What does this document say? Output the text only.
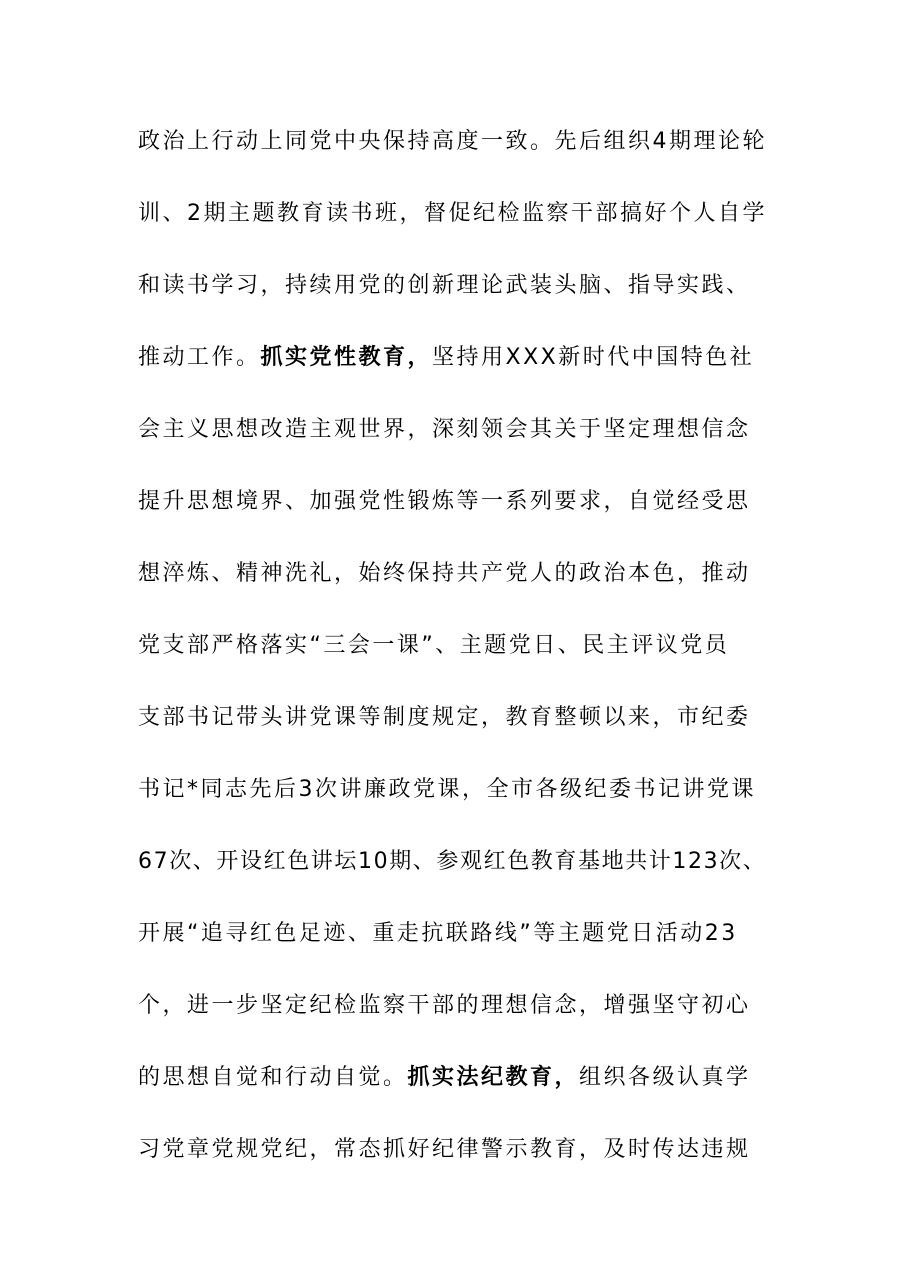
政治上行动上同党中央保持高度一致。先后组织4期理论轮
训、2期主题教育读书班，督促纪检监察干部搞好个人自学
和读书学习，持续用党的创新理论武装头脑、指导实践、
推动工作。抓实党性教育，坚持用XXX新时代中国特色社
会主义思想改造主观世界，深刻领会其关于坚定理想信念
提升思想境界、加强党性锻炼等一系列要求，自觉经受思
想淬炼、精神洗礼，始终保持共产党人的政治本色，推动
党支部严格落实“三会一课”、主题党日、民主评议党员
支部书记带头讲党课等制度规定，教育整顿以来，市纪委
书记*同志先后3次讲廉政党课，全市各级纪委书记讲党课
67次、开设红色讲坛10期、参观红色教育基地共计123次、
开展“追寻红色足迹、重走抗联路线”等主题党日活动23
个，进一步坚定纪检监察干部的理想信念，增强坚守初心
的思想自觉和行动自觉。抓实法纪教育，组织各级认真学
习党章党规党纪，常态抓好纪律警示教育，及时传达违规
